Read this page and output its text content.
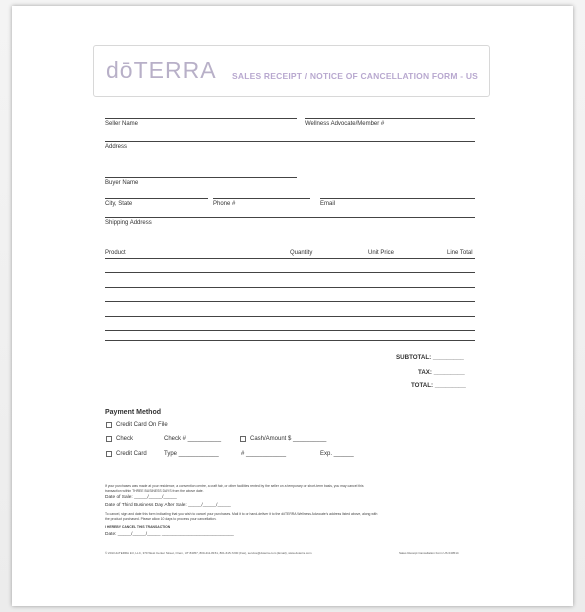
dōTERRA SALES RECEIPT / NOTICE OF CANCELLATION FORM - US
Seller Name	Wellness Advocate/Member #
Address
Buyer Name
City, State	Phone #	Email
Shipping Address
Product	Quantity	Unit Price	Line Total
SUBTOTAL: _________
TAX: _________
TOTAL: _________
Payment Method
Credit Card On File
Check	Check # __________	Cash/Amount $ __________
Credit Card	Type ____________	# ____________	Exp. ______
If your purchases was made at your residence, a convention centre, a craft fair, or other facilities rented by the seller on a temporary or short-term basis, you may cancel this
transaction within THREE BUSINESS DAYS from the above date.
Date of Sale: _____/_____/_____
Date of Third Business Day After Sale: _____/_____/_____
To cancel, sign and date this form indicating that you wish to cancel your purchases. Mail it to or hand-deliver it to the dōTERRA Wellness Advocate's address listed above, along with
the product purchased. Please allow 10 days to process your cancellation.
I HEREBY CANCEL THIS TRANSACTION
Date: _____/_____/_____ ___________________________
© 2013 dōTERRA Intl, LLC, 370 West Center Street, Orem, UT 84057, 800-411-8151, 801-615-7200 (Fax), service@doterra.com (Email), www.doterra.com	Sales Receipt Cancellation Form US 040514
